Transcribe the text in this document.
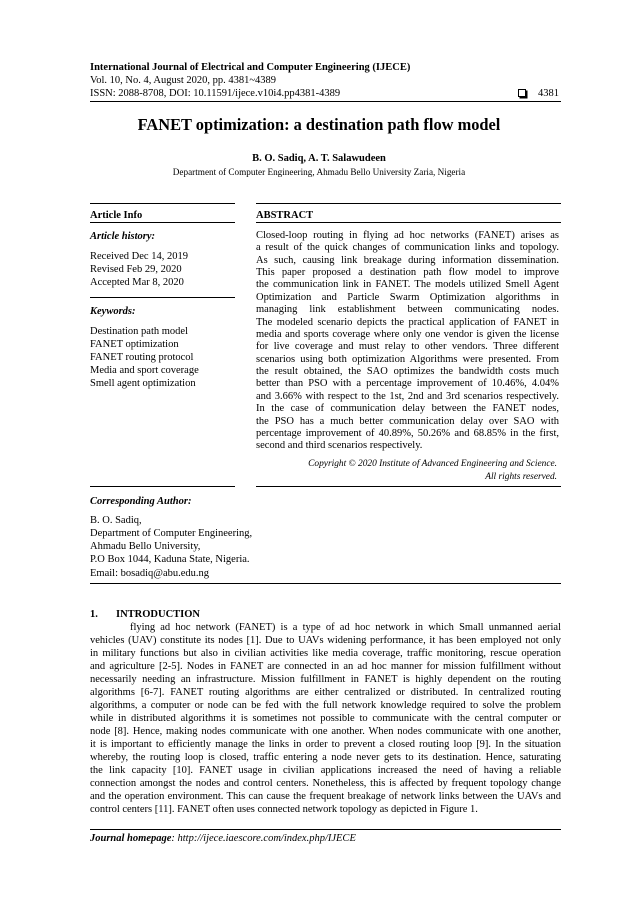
International Journal of Electrical and Computer Engineering (IJECE)
Vol. 10, No. 4, August 2020, pp. 4381~4389
ISSN: 2088-8708, DOI: 10.11591/ijece.v10i4.pp4381-4389	4381
FANET optimization: a destination path flow model
B. O. Sadiq, A. T. Salawudeen
Department of Computer Engineering, Ahmadu Bello University Zaria, Nigeria
Article Info
Article history:
Received Dec 14, 2019
Revised Feb 29, 2020
Accepted Mar 8, 2020
Keywords:
Destination path model
FANET optimization
FANET routing protocol
Media and sport coverage
Smell agent optimization
ABSTRACT
Closed-loop routing in flying ad hoc networks (FANET) arises as
a result of the quick changes of communication links and topology.
As such, causing link breakage during information dissemination.
This paper proposed a destination path flow model to improve
the communication link in FANET. The models utilized Smell Agent
Optimization and Particle Swarm Optimization algorithms in
managing link establishment between communicating nodes.
The modeled scenario depicts the practical application of FANET in
media and sports coverage where only one vendor is given the license
for live coverage and must relay to other vendors. Three different
scenarios using both optimization Algorithms were presented. From
the result obtained, the SAO optimizes the bandwidth costs much
better than PSO with a percentage improvement of 10.46%, 4.04%
and 3.66% with respect to the 1st, 2nd and 3rd scenarios respectively.
In the case of communication delay between the FANET nodes,
the PSO has a much better communication delay over SAO with
percentage improvement of 40.89%, 50.26% and 68.85% in the first,
second and third scenarios respectively.
Copyright © 2020 Institute of Advanced Engineering and Science.
All rights reserved.
Corresponding Author:
B. O. Sadiq,
Department of Computer Engineering,
Ahmadu Bello University,
P.O Box 1044, Kaduna State, Nigeria.
Email: bosadiq@abu.edu.ng
1. INTRODUCTION
flying ad hoc network (FANET) is a type of ad hoc network in which Small unmanned aerial
vehicles (UAV) constitute its nodes [1]. Due to UAVs widening performance, it has been employed not only
in military functions but also in civilian activities like media coverage, traffic monitoring, rescue operation
and agriculture [2-5]. Nodes in FANET are connected in an ad hoc manner for mission fulfillment without
necessarily needing an infrastructure. Mission fulfillment in FANET is highly dependent on the routing
algorithms [6-7]. FANET routing algorithms are either centralized or distributed. In centralized routing
algorithms, a computer or node can be fed with the full network knowledge required to solve the problem
while in distributed algorithms it is sometimes not possible to communicate with the central computer or
node [8]. Hence, making nodes communicate with one another. When nodes communicate with one another,
it is important to efficiently manage the links in order to prevent a closed routing loop [9]. In the situation
whereby, the routing loop is closed, traffic entering a node never gets to its destination. Hence, saturating
the link capacity [10]. FANET usage in civilian applications increased the need of having a reliable
connection amongst the nodes and control centers. Nonetheless, this is affected by frequent topology change
and the operation environment. This can cause the frequent breakage of network links between the UAVs and
control centers [11]. FANET often uses connected network topology as depicted in Figure 1.
Journal homepage: http://ijece.iaescore.com/index.php/IJECE
